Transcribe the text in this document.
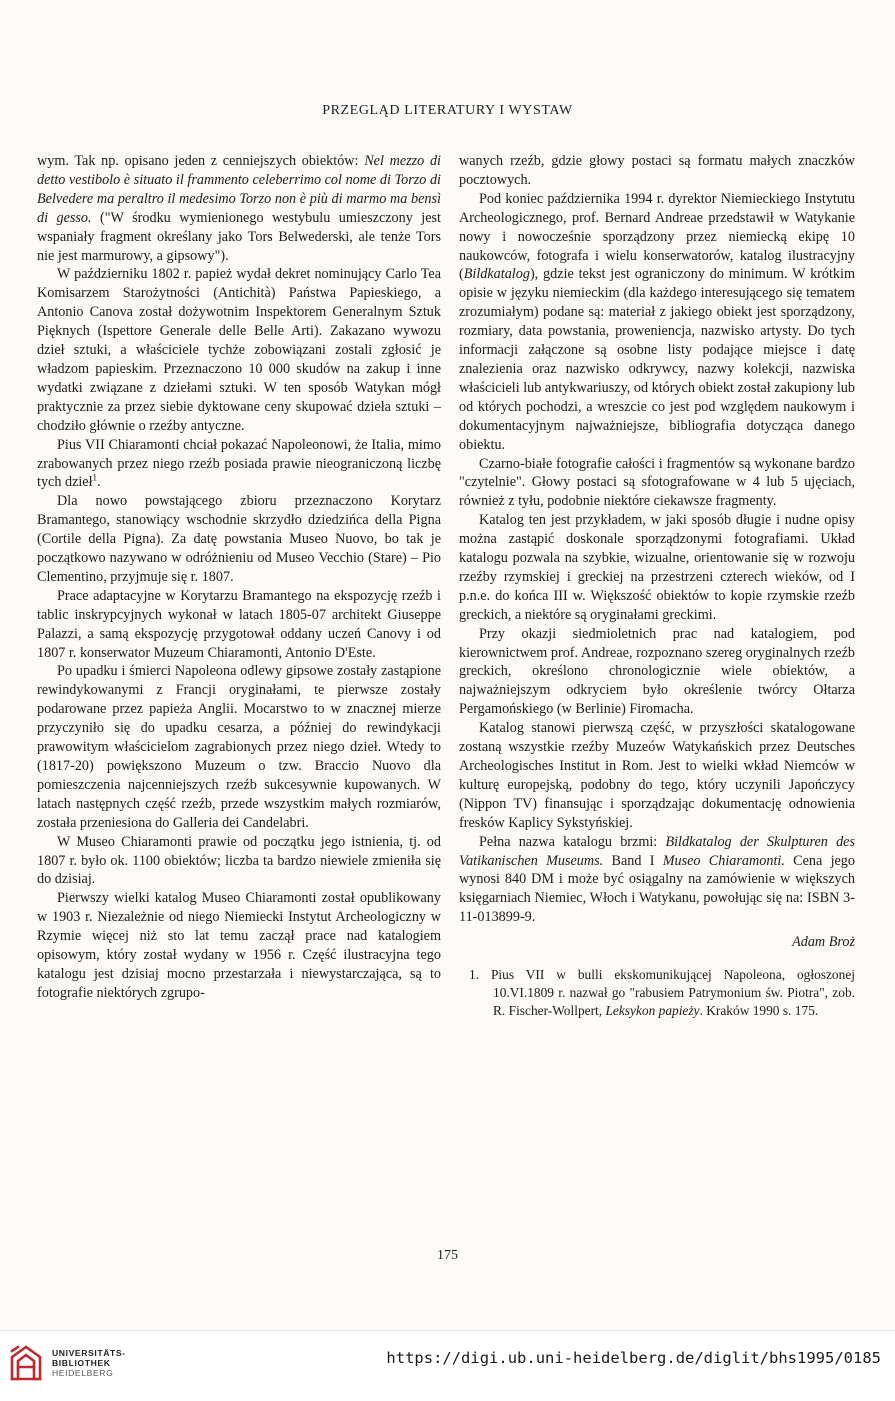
PRZEGLĄD LITERATURY I WYSTAW

wym. Tak np. opisano jeden z cenniejszych obiektów: Nel mezzo di detto vestibolo è situato il frammento celeberrimo col nome di Torzo di Belvedere ma peraltro il medesimo Torzo non è più di marmo ma bensì di gesso. ("W środku wymienionego westybulu umieszczony jest wspaniały fragment określany jako Tors Belwederski, ale tenże Tors nie jest marmurowy, a gipsowy").

W październiku 1802 r. papież wydał dekret nominujący Carlo Tea Komisarzem Starożytności (Antichità) Państwa Papieskiego, a Antonio Canova został dożywotnim Inspektorem Generalnym Sztuk Pięknych (Ispettore Generale delle Belle Arti). Zakazano wywozu dzieł sztuki, a właściciele tychże zobowiązani zostali zgłosić je władzom papieskim. Przeznaczono 10 000 skudów na zakup i inne wydatki związane z dziełami sztuki. W ten sposób Watykan mógł praktycznie za przez siebie dyktowane ceny skupować dzieła sztuki – chodziło głównie o rzeźby antyczne.

Pius VII Chiaramonti chciał pokazać Napoleonowi, że Italia, mimo zrabowanych przez niego rzeźb posiada prawie nieograniczoną liczbę tych dzieł$^1$.

Dla nowo powstającego zbioru przeznaczono Korytarz Bramantego, stanowiący wschodnie skrzydło dziedzińca della Pigna (Cortile della Pigna). Za datę powstania Museo Nuovo, bo tak je początkowo nazywano w odróżnieniu od Museo Vecchio (Stare) – Pio Clementino, przyjmuje się r. 1807.

Prace adaptacyjne w Korytarzu Bramantego na ekspozycję rzeźb i tablic inskrypcyjnych wykonał w latach 1805-07 architekt Giuseppe Palazzi, a samą ekspozycję przygotował oddany uczeń Canovy i od 1807 r. konserwator Muzeum Chiaramonti, Antonio D'Este.

Po upadku i śmierci Napoleona odlewy gipsowe zostały zastąpione rewindykowanymi z Francji oryginałami, te pierwsze zostały podarowane przez papieża Anglii. Mocarstwo to w znacznej mierze przyczyniło się do upadku cesarza, a później do rewindykacji prawowitym właścicielom zagrabionych przez niego dzieł. Wtedy to (1817-20) powiększono Muzeum o tzw. Braccio Nuovo dla pomieszczenia najcenniejszych rzeźb sukcesywnie kupowanych. W latach następnych część rzeźb, przede wszystkim małych rozmiarów, została przeniesiona do Galleria dei Candelabri.

W Museo Chiaramonti prawie od początku jego istnienia, tj. od 1807 r. było ok. 1100 obiektów; liczba ta bardzo niewiele zmieniła się do dzisiaj.

Pierwszy wielki katalog Museo Chiaramonti został opublikowany w 1903 r. Niezależnie od niego Niemiecki Instytut Archeologiczny w Rzymie więcej niż sto lat temu zaczął prace nad katalogiem opisowym, który został wydany w 1956 r. Część ilustracyjna tego katalogu jest dzisiaj mocno przestarzała i niewystarczająca, są to fotografie niektórych zgrupo-

wanych rzeźb, gdzie głowy postaci są formatu małych znaczków pocztowych.

Pod koniec października 1994 r. dyrektor Niemieckiego Instytutu Archeologicznego, prof. Bernard Andreae przedstawił w Watykanie nowy i nowocześnie sporządzony przez niemiecką ekipę 10 naukowców, fotografa i wielu konserwatorów, katalog ilustracyjny (Bildkatalog), gdzie tekst jest ograniczony do minimum. W krótkim opisie w języku niemieckim (dla każdego interesującego się tematem zrozumiałym) podane są: materiał z jakiego obiekt jest sporządzony, rozmiary, data powstania, proweniencja, nazwisko artysty. Do tych informacji załączone są osobne listy podające miejsce i datę znalezienia oraz nazwisko odkrywcy, nazwy kolekcji, nazwiska właścicieli lub antykwariuszy, od których obiekt został zakupiony lub od których pochodzi, a wreszcie co jest pod względem naukowym i dokumentacyjnym najważniejsze, bibliografia dotycząca danego obiektu.

Czarno-białe fotografie całości i fragmentów są wykonane bardzo "czytelnie". Głowy postaci są sfotografowane w 4 lub 5 ujęciach, również z tyłu, podobnie niektóre ciekawsze fragmenty.

Katalog ten jest przykładem, w jaki sposób długie i nudne opisy można zastąpić doskonale sporządzonymi fotografiami. Układ katalogu pozwala na szybkie, wizualne, orientowanie się w rozwoju rzeźby rzymskiej i greckiej na przestrzeni czterech wieków, od I p.n.e. do końca III w. Większość obiektów to kopie rzymskie rzeźb greckich, a niektóre są oryginałami greckimi.

Przy okazji siedmioletnich prac nad katalogiem, pod kierownictwem prof. Andreae, rozpoznano szereg oryginalnych rzeźb greckich, określono chronologicznie wiele obiektów, a najważniejszym odkryciem było określenie twórcy Ołtarza Pergamońskiego (w Berlinie) Firomacha.

Katalog stanowi pierwszą część, w przyszłości skatalogowane zostaną wszystkie rzeźby Muzeów Watykańskich przez Deutsches Archeologisches Institut in Rom. Jest to wielki wkład Niemców w kulturę europejską, podobny do tego, który uczynili Japończycy (Nippon TV) finansując i sporządzając dokumentację odnowienia fresków Kaplicy Sykstyńskiej.

Pełna nazwa katalogu brzmi: Bildkatalog der Skulpturen des Vatikanischen Museums. Band I Museo Chiaramonti. Cena jego wynosi 840 DM i może być osiągalny na zamówienie w większych księgarniach Niemiec, Włoch i Watykanu, powołując się na: ISBN 3-11-013899-9.

Adam Broż

1. Pius VII w bulli ekskomunikującej Napoleona, ogłoszonej 10.VI.1809 r. nazwał go "rabusiem Patrymonium św. Piotra", zob. R. Fischer-Wollpert, Leksykon papieży. Kraków 1990 s. 175.

175
UNIVERSITÄTS-
BIBLIOTHEK
HEIDELBERG
https://digi.ub.uni-heidelberg.de/diglit/bhs1995/0185
